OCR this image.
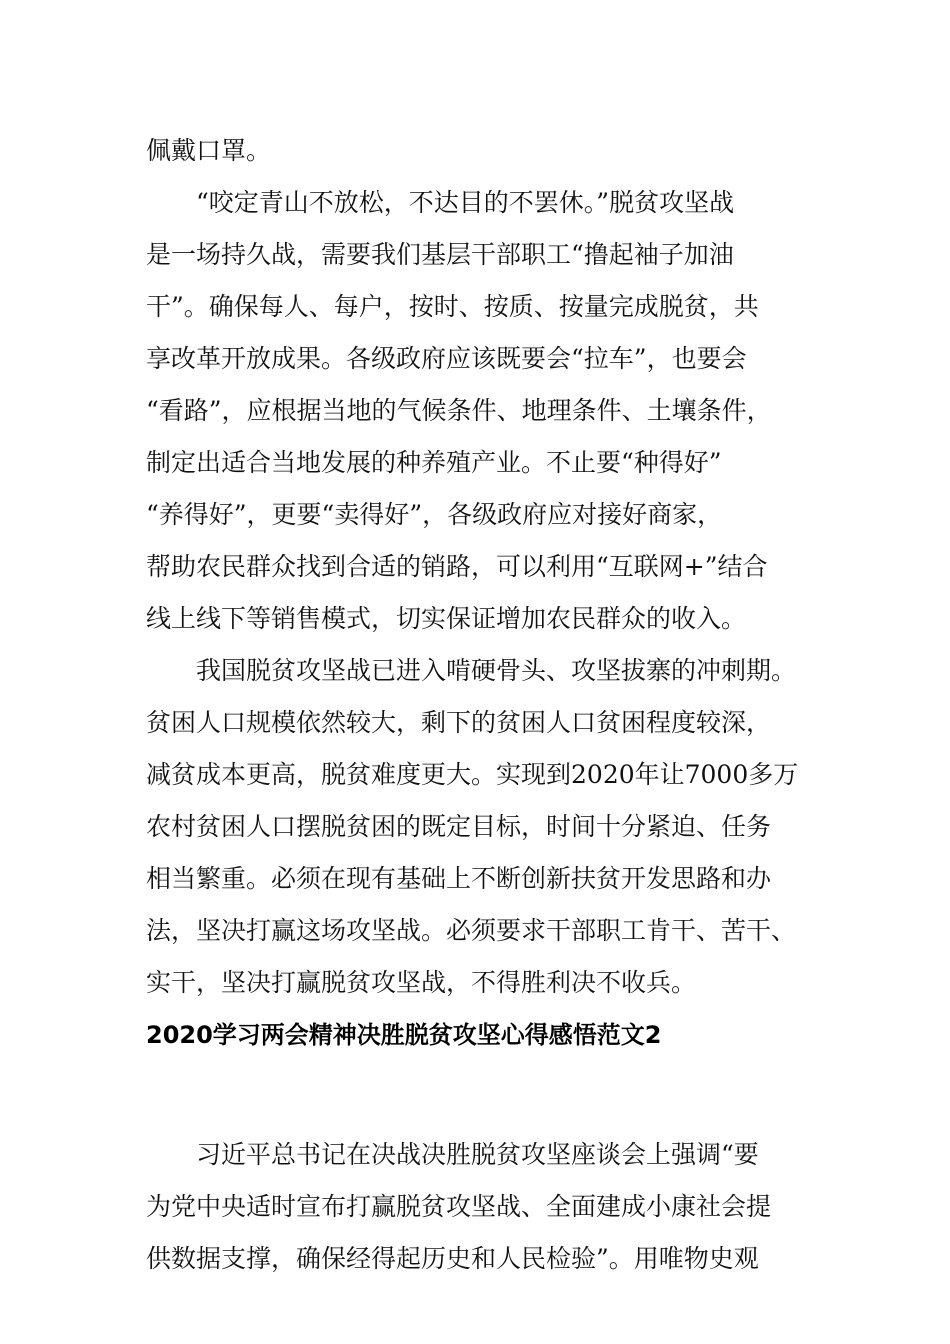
佩戴口罩。
“咬定青山不放松，不达目的不罢休。”脱贫攻坚战
是一场持久战，需要我们基层干部职工“撸起袖子加油
干”。确保每人、每户，按时、按质、按量完成脱贫，共
享改革开放成果。各级政府应该既要会“拉车”，也要会
“看路”，应根据当地的气候条件、地理条件、土壤条件，
制定出适合当地发展的种养殖产业。不止要“种得好”
“养得好”，更要“卖得好”，各级政府应对接好商家，
帮助农民群众找到合适的销路，可以利用“互联网+”结合
线上线下等销售模式，切实保证增加农民群众的收入。
我国脱贫攻坚战已进入啃硬骨头、攻坚拔寨的冲刺期。
贫困人口规模依然较大，剩下的贫困人口贫困程度较深，
减贫成本更高，脱贫难度更大。实现到2020年让7000多万
农村贫困人口摆脱贫困的既定目标，时间十分紧迫、任务
相当繁重。必须在现有基础上不断创新扶贫开发思路和办
法，坚决打赢这场攻坚战。必须要求干部职工肯干、苦干、
实干，坚决打赢脱贫攻坚战，不得胜利决不收兵。
2020学习两会精神决胜脱贫攻坚心得感悟范文2
习近平总书记在决战决胜脱贫攻坚座谈会上强调“要
为党中央适时宣布打赢脱贫攻坚战、全面建成小康社会提
供数据支撑，确保经得起历史和人民检验”。用唯物史观
